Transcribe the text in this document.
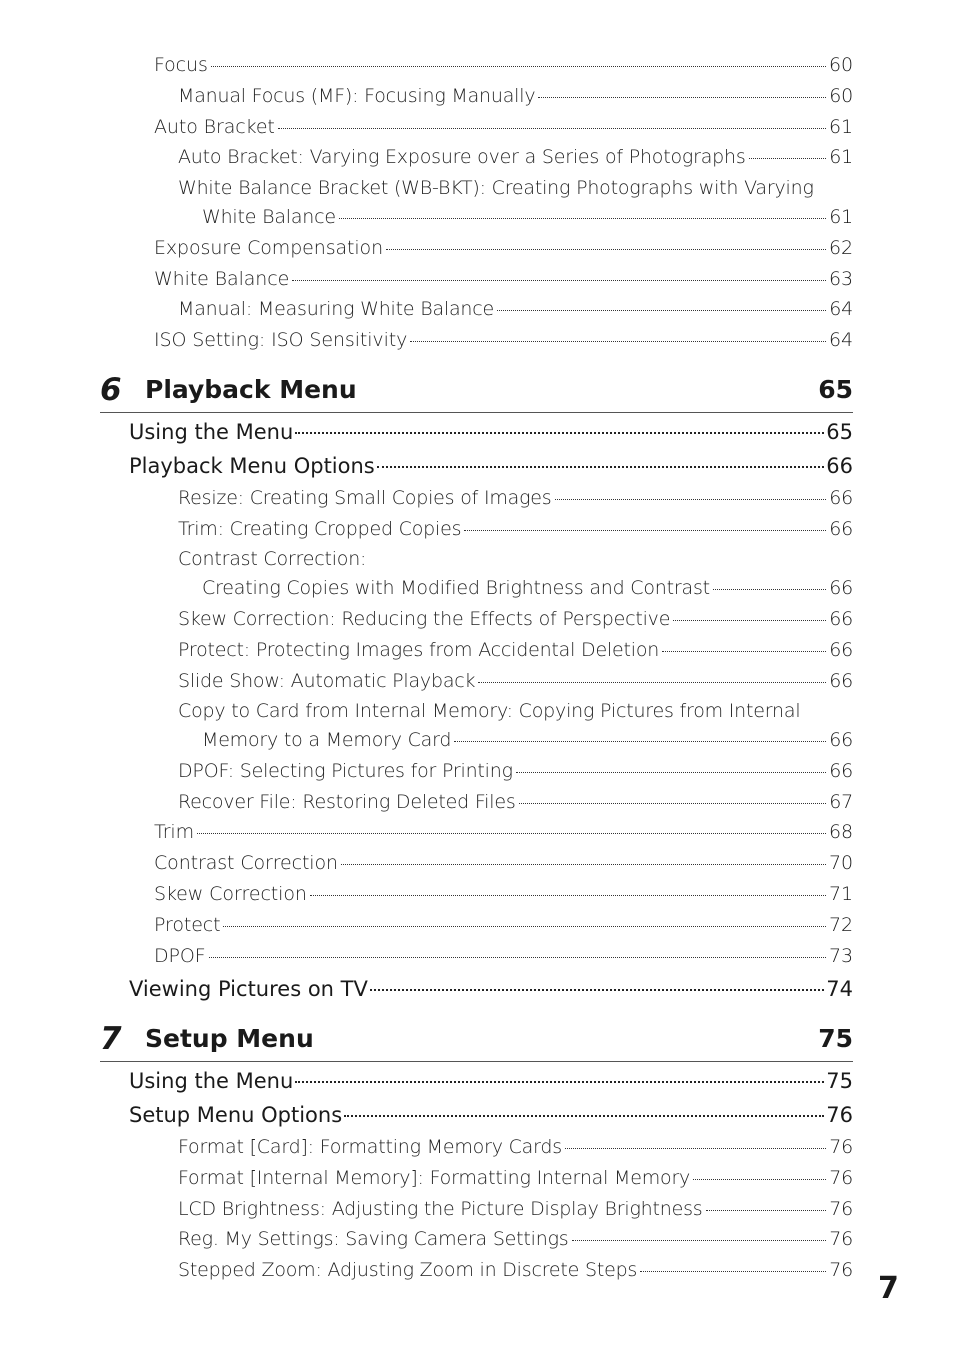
Focus	60
Manual Focus (MF): Focusing Manually	60
Auto Bracket	61
Auto Bracket: Varying Exposure over a Series of Photographs	61
White Balance Bracket (WB-BKT): Creating Photographs with Varying
White Balance	61
Exposure Compensation	62
White Balance	63
Manual: Measuring White Balance	64
ISO Setting: ISO Sensitivity	64
6 Playback Menu	65
Using the Menu	65
Playback Menu Options	66
Resize: Creating Small Copies of Images	66
Trim: Creating Cropped Copies	66
Contrast Correction:
Creating Copies with Modified Brightness and Contrast	66
Skew Correction: Reducing the Effects of Perspective	66
Protect: Protecting Images from Accidental Deletion	66
Slide Show: Automatic Playback	66
Copy to Card from Internal Memory: Copying Pictures from Internal
Memory to a Memory Card	66
DPOF: Selecting Pictures for Printing	66
Recover File: Restoring Deleted Files	67
Trim	68
Contrast Correction	70
Skew Correction	71
Protect	72
DPOF	73
Viewing Pictures on TV	74
7 Setup Menu	75
Using the Menu	75
Setup Menu Options	76
Format [Card]: Formatting Memory Cards	76
Format [Internal Memory]: Formatting Internal Memory	76
LCD Brightness: Adjusting the Picture Display Brightness	76
Reg. My Settings: Saving Camera Settings	76
Stepped Zoom: Adjusting Zoom in Discrete Steps	76
7
